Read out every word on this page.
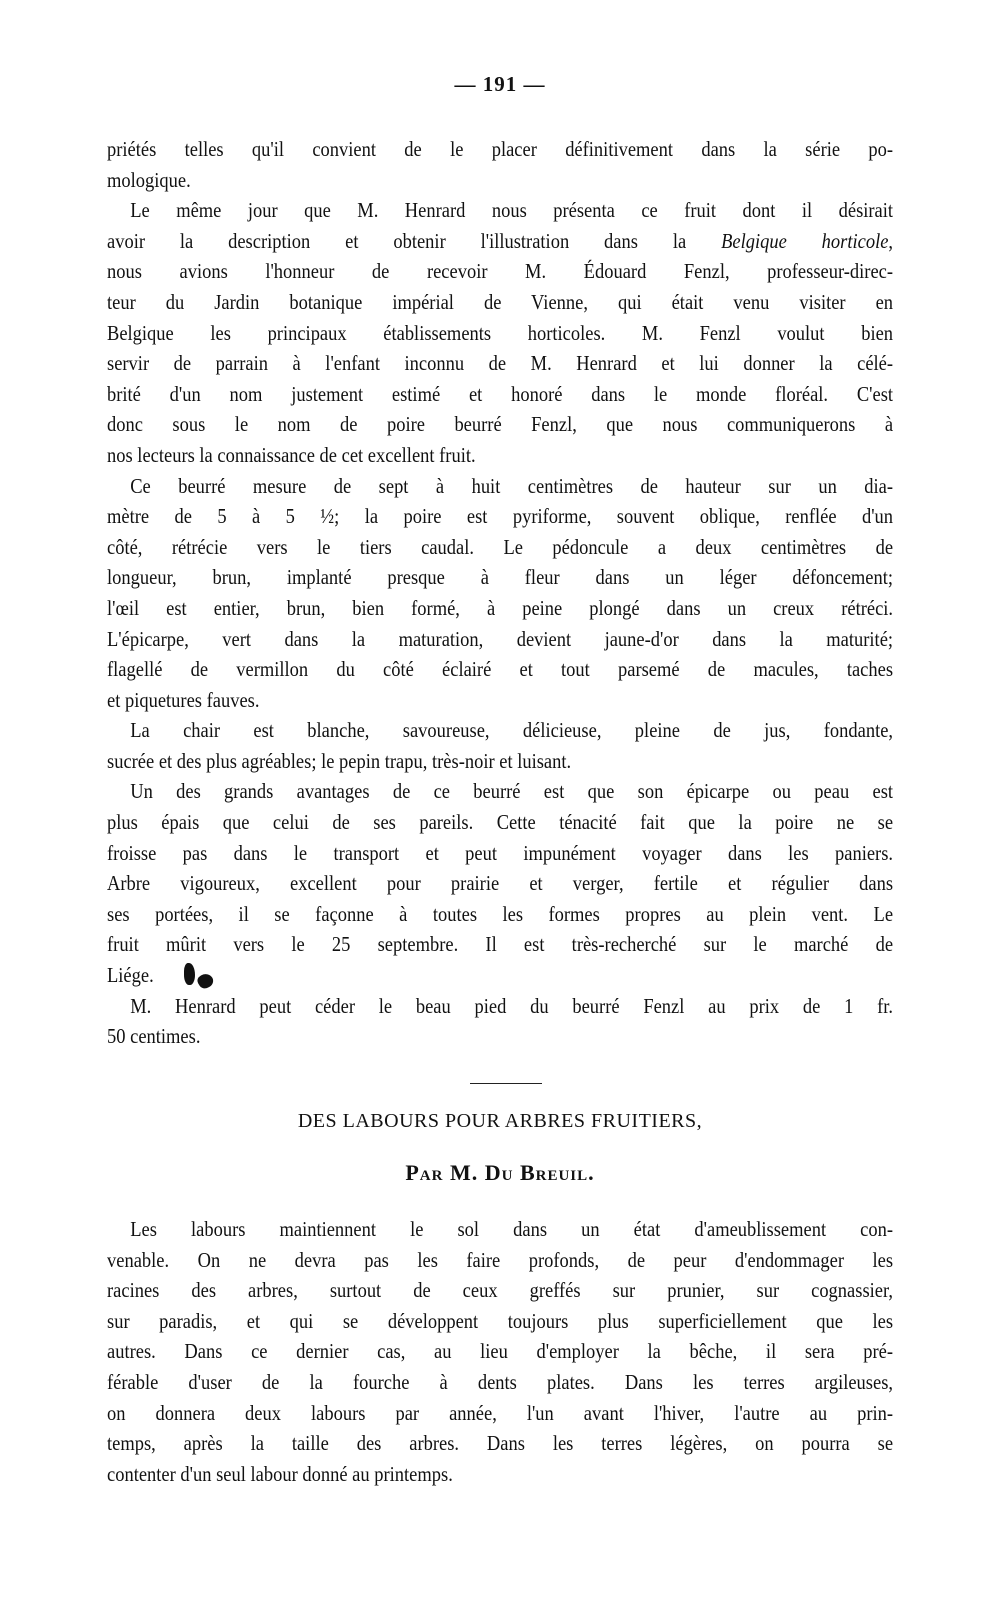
— 191 —
priétés telles qu'il convient de le placer définitivement dans la série po-
mologique.
Le même jour que M. Henrard nous présenta ce fruit dont il désirait
avoir la description et obtenir l'illustration dans la Belgique horticole,
nous avions l'honneur de recevoir M. Édouard Fenzl, professeur-direc-
teur du Jardin botanique impérial de Vienne, qui était venu visiter en
Belgique les principaux établissements horticoles. M. Fenzl voulut bien
servir de parrain à l'enfant inconnu de M. Henrard et lui donner la célé-
brité d'un nom justement estimé et honoré dans le monde floréal. C'est
donc sous le nom de poire beurré Fenzl, que nous communiquerons à
nos lecteurs la connaissance de cet excellent fruit.
Ce beurré mesure de sept à huit centimètres de hauteur sur un dia-
mètre de 5 à 5 ½; la poire est pyriforme, souvent oblique, renflée d'un
côté, rétrécie vers le tiers caudal. Le pédoncule a deux centimètres de
longueur, brun, implanté presque à fleur dans un léger défoncement;
l'œil est entier, brun, bien formé, à peine plongé dans un creux rétréci.
L'épicarpe, vert dans la maturation, devient jaune-d'or dans la maturité;
flagellé de vermillon du côté éclairé et tout parsemé de macules, taches
et piquetures fauves.
La chair est blanche, savoureuse, délicieuse, pleine de jus, fondante,
sucrée et des plus agréables; le pepin trapu, très-noir et luisant.
Un des grands avantages de ce beurré est que son épicarpe ou peau est
plus épais que celui de ses pareils. Cette ténacité fait que la poire ne se
froisse pas dans le transport et peut impunément voyager dans les paniers.
Arbre vigoureux, excellent pour prairie et verger, fertile et régulier dans
ses portées, il se façonne à toutes les formes propres au plein vent. Le
fruit mûrit vers le 25 septembre. Il est très-recherché sur le marché de
Liége.
M. Henrard peut céder le beau pied du beurré Fenzl au prix de 1 fr.
50 centimes.
DES LABOURS POUR ARBRES FRUITIERS,
Par M. Du Breuil.
Les labours maintiennent le sol dans un état d'ameublissement con-
venable. On ne devra pas les faire profonds, de peur d'endommager les
racines des arbres, surtout de ceux greffés sur prunier, sur cognassier,
sur paradis, et qui se développent toujours plus superficiellement que les
autres. Dans ce dernier cas, au lieu d'employer la bêche, il sera pré-
férable d'user de la fourche à dents plates. Dans les terres argileuses,
on donnera deux labours par année, l'un avant l'hiver, l'autre au prin-
temps, après la taille des arbres. Dans les terres légères, on pourra se
contenter d'un seul labour donné au printemps.
